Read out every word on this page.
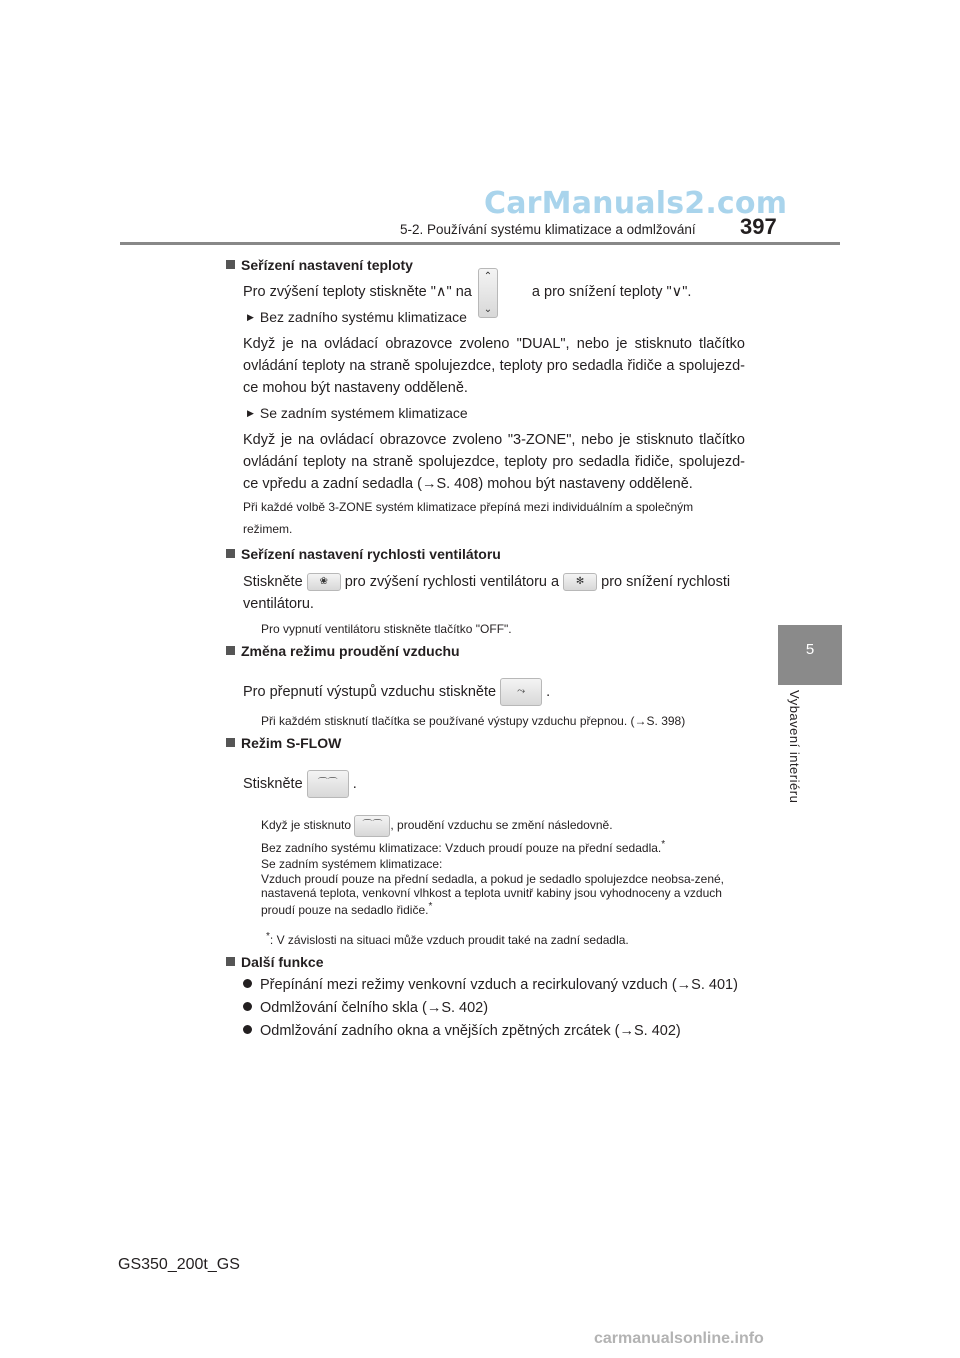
CarManuals2.com
5-2. Používání systému klimatizace a odmlžování 397
5
Vybavení interiéru
Seřízení nastavení teploty
Pro zvýšení teploty stiskněte "∧" na	a pro snížení teploty "∨".
⌃
⌄
▶ Bez zadního systému klimatizace
Když je na ovládací obrazovce zvoleno "DUAL", nebo je stisknuto tlačítko ovládání teploty na straně spolujezdce, teploty pro sedadla řidiče a spolujezd-ce mohou být nastaveny odděleně.
▶ Se zadním systémem klimatizace
Když je na ovládací obrazovce zvoleno "3-ZONE", nebo je stisknuto tlačítko ovládání teploty na straně spolujezdce, teploty pro sedadla řidiče, spolujezd-ce vpředu a zadní sedadla (→S. 408) mohou být nastaveny odděleně.
Při každé volbě 3-ZONE systém klimatizace přepíná mezi individuálním a společným režimem.
Seřízení nastavení rychlosti ventilátoru
Stiskněte ❀ pro zvýšení rychlosti ventilátoru a ✻ pro snížení rychlosti
ventilátoru.
Pro vypnutí ventilátoru stiskněte tlačítko "OFF".
Změna režimu proudění vzduchu
Pro přepnutí výstupů vzduchu stiskněte ⤳ .
Při každém stisknutí tlačítka se používané výstupy vzduchu přepnou. (→S. 398)
Režim S-FLOW
Stiskněte ⌒⌒ .
Když je stisknuto ⌒⌒ , proudění vzduchu se změní následovně.
Bez zadního systému klimatizace: Vzduch proudí pouze na přední sedadla.*
Se zadním systémem klimatizace:
Vzduch proudí pouze na přední sedadla, a pokud je sedadlo spolujezdce neobsa-zené, nastavená teplota, venkovní vlhkost a teplota uvnitř kabiny jsou vyhodnoceny a vzduch proudí pouze na sedadlo řidiče.*
*: V závislosti na situaci může vzduch proudit také na zadní sedadla.
Další funkce
Přepínání mezi režimy venkovní vzduch a recirkulovaný vzduch (→S. 401)
Odmlžování čelního skla (→S. 402)
Odmlžování zadního okna a vnějších zpětných zrcátek (→S. 402)
GS350_200t_GS
carmanualsonline.info
